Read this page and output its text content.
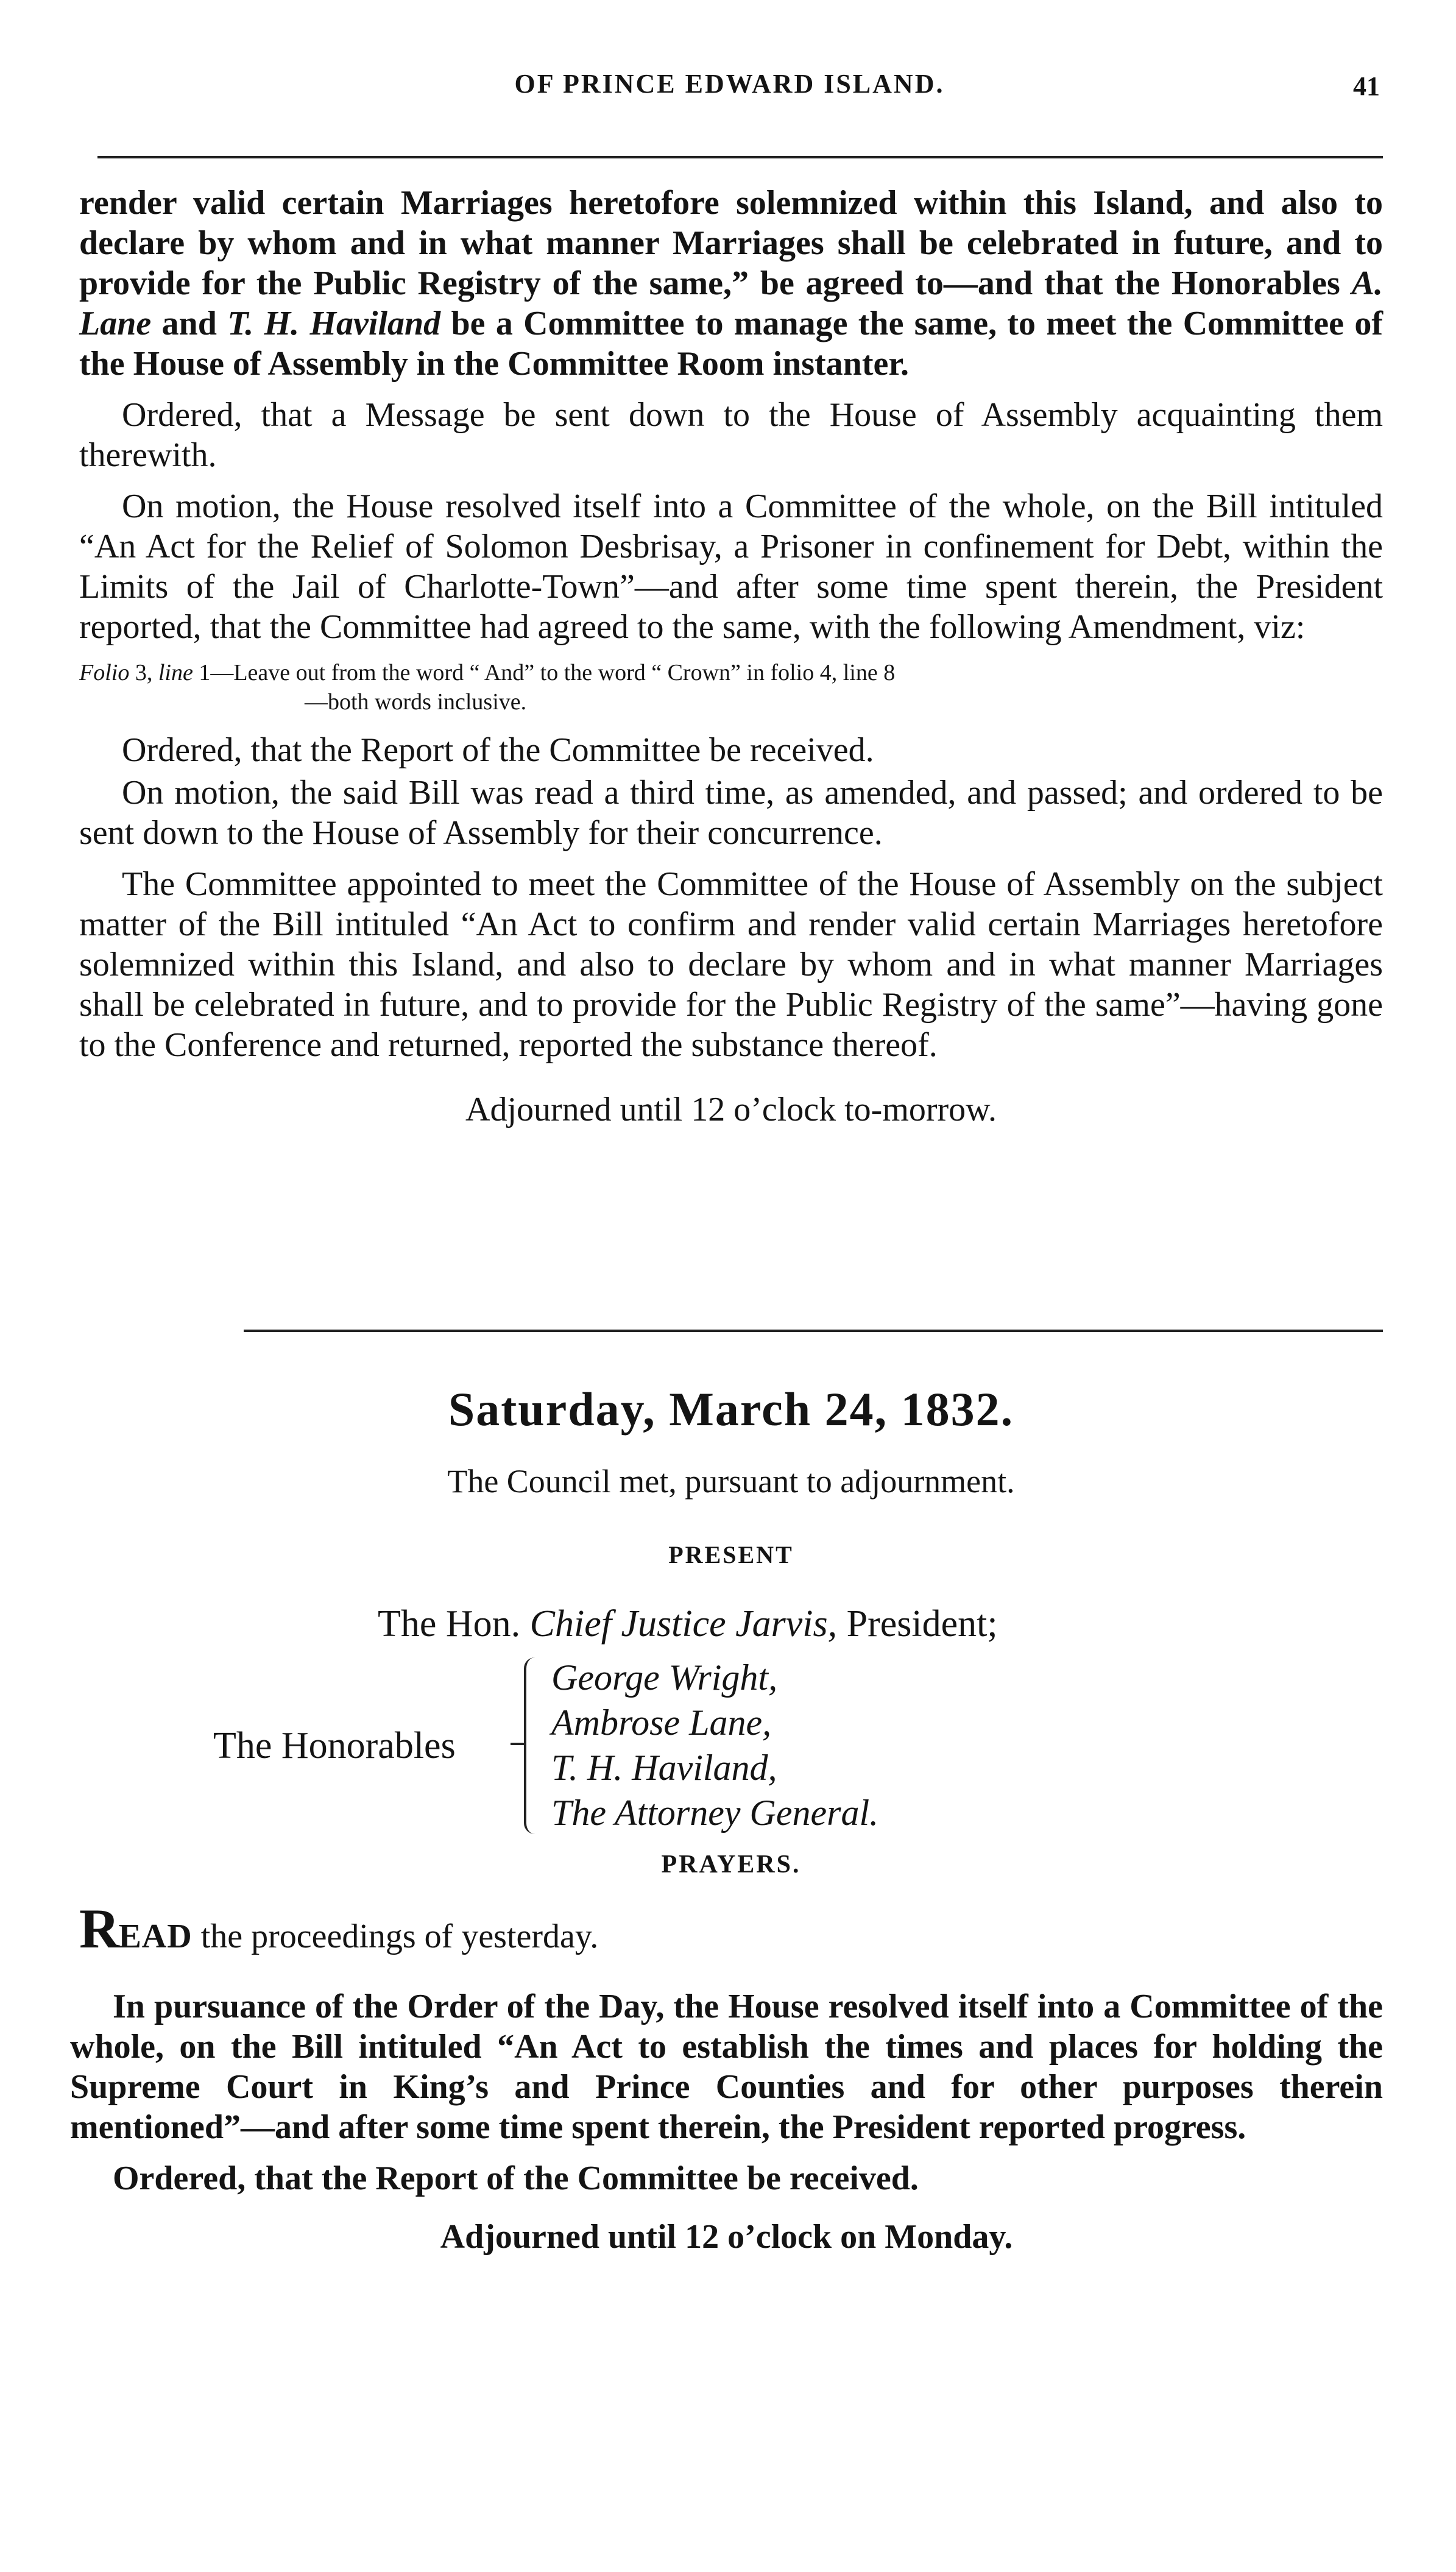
OF PRINCE EDWARD ISLAND.	41

render valid certain Marriages heretofore solemnized within this Island, and also to declare by whom and in what manner Marriages shall be celebrated in future, and to provide for the Public Registry of the same,” be agreed to—and that the Honorables A. Lane and T. H. Haviland be a Committee to manage the same, to meet the Committee of the House of Assembly in the Committee Room instanter.

Ordered, that a Message be sent down to the House of Assembly acquainting them therewith.

On motion, the House resolved itself into a Committee of the whole, on the Bill intituled “An Act for the Relief of Solomon Desbrisay, a Prisoner in confinement for Debt, within the Limits of the Jail of Charlotte-Town”—and after some time spent therein, the President reported, that the Committee had agreed to the same, with the following Amendment, viz:

Folio 3, line 1—Leave out from the word “ And” to the word “ Crown” in folio 4, line 8
—both words inclusive.

Ordered, that the Report of the Committee be received.

On motion, the said Bill was read a third time, as amended, and passed; and ordered to be sent down to the House of Assembly for their concurrence.

The Committee appointed to meet the Committee of the House of Assembly on the subject matter of the Bill intituled “An Act to confirm and render valid certain Marriages heretofore solemnized within this Island, and also to declare by whom and in what manner Marriages shall be celebrated in future, and to provide for the Public Registry of the same”—having gone to the Conference and returned, reported the substance thereof.

Adjourned until 12 o’clock to-morrow.

Saturday, March 24, 1832.
The Council met, pursuant to adjournment.
PRESENT
The Hon. Chief Justice Jarvis, President;
The Honorables
George Wright,
Ambrose Lane,
T. H. Haviland,
The Attorney General.
PRAYERS.
READ the proceedings of yesterday.

In pursuance of the Order of the Day, the House resolved itself into a Committee of the whole, on the Bill intituled “An Act to establish the times and places for holding the Supreme Court in King’s and Prince Counties and for other purposes therein mentioned”—and after some time spent therein, the President reported progress.

Ordered, that the Report of the Committee be received.

Adjourned until 12 o’clock on Monday.
